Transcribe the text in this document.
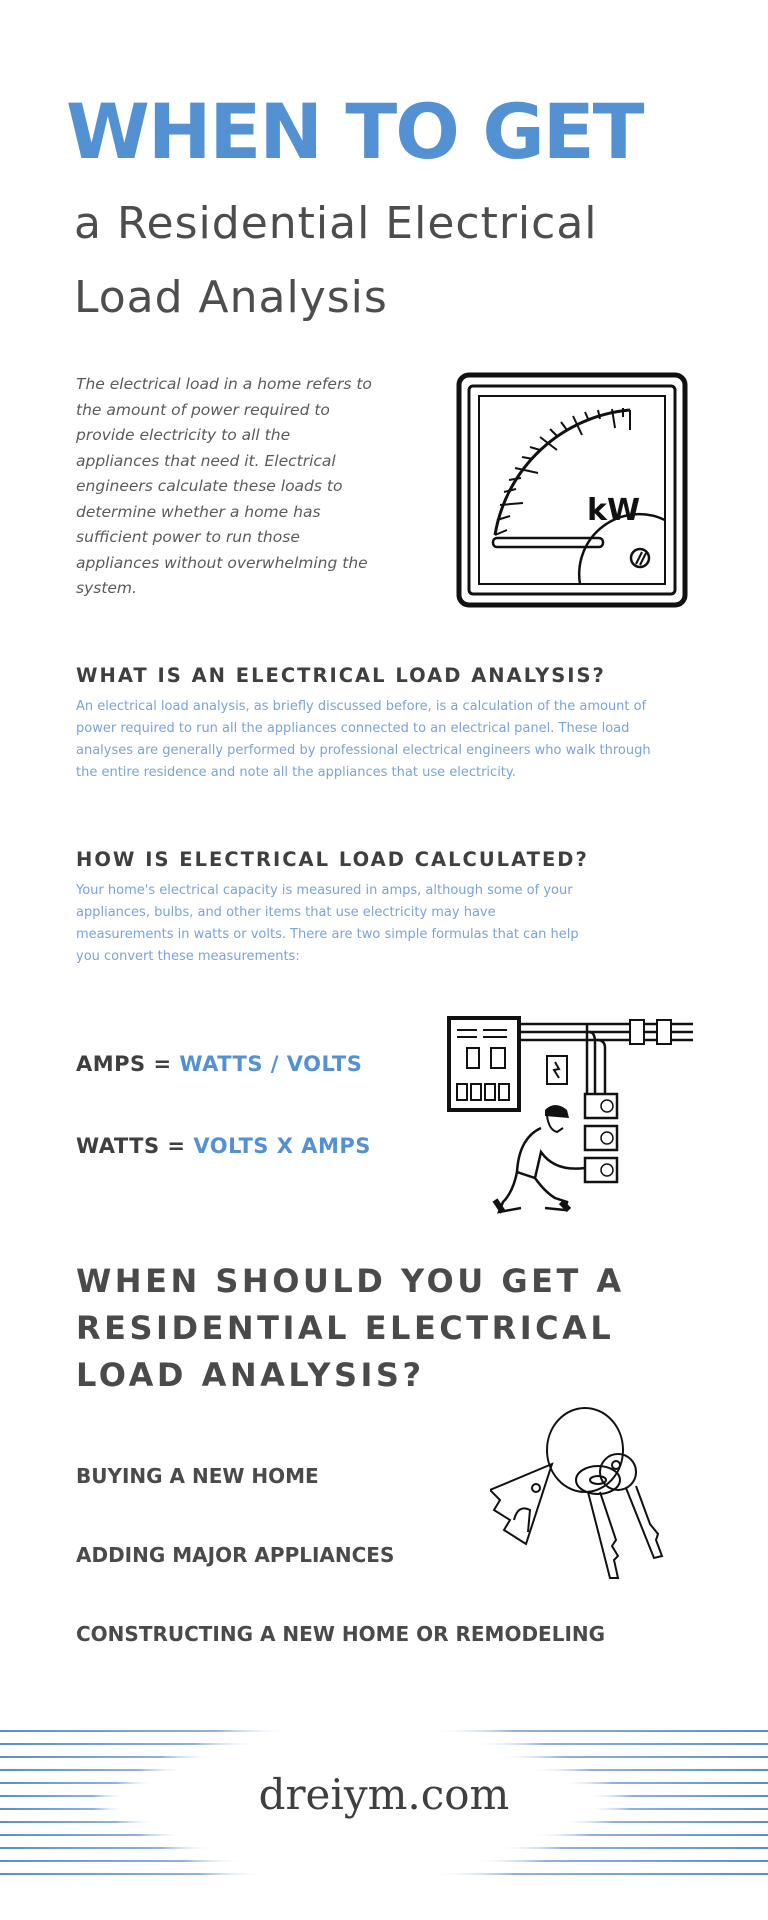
WHEN TO GET
a Residential Electrical
Load Analysis
The electrical load in a home refers to the amount of power required to provide electricity to all the appliances that need it. Electrical engineers calculate these loads to determine whether a home has sufficient power to run those appliances without overwhelming the system.
kW
WHAT IS AN ELECTRICAL LOAD ANALYSIS?
An electrical load analysis, as briefly discussed before, is a calculation of the amount of power required to run all the appliances connected to an electrical panel. These load analyses are generally performed by professional electrical engineers who walk through the entire residence and note all the appliances that use electricity.
HOW IS ELECTRICAL LOAD CALCULATED?
Your home's electrical capacity is measured in amps, although some of your appliances, bulbs, and other items that use electricity may have measurements in watts or volts. There are two simple formulas that can help you convert these measurements:
AMPS = WATTS / VOLTS
WATTS = VOLTS X AMPS
WHEN SHOULD YOU GET A
RESIDENTIAL ELECTRICAL
LOAD ANALYSIS?
BUYING A NEW HOME
ADDING MAJOR APPLIANCES
CONSTRUCTING A NEW HOME OR REMODELING
dreiym.com
